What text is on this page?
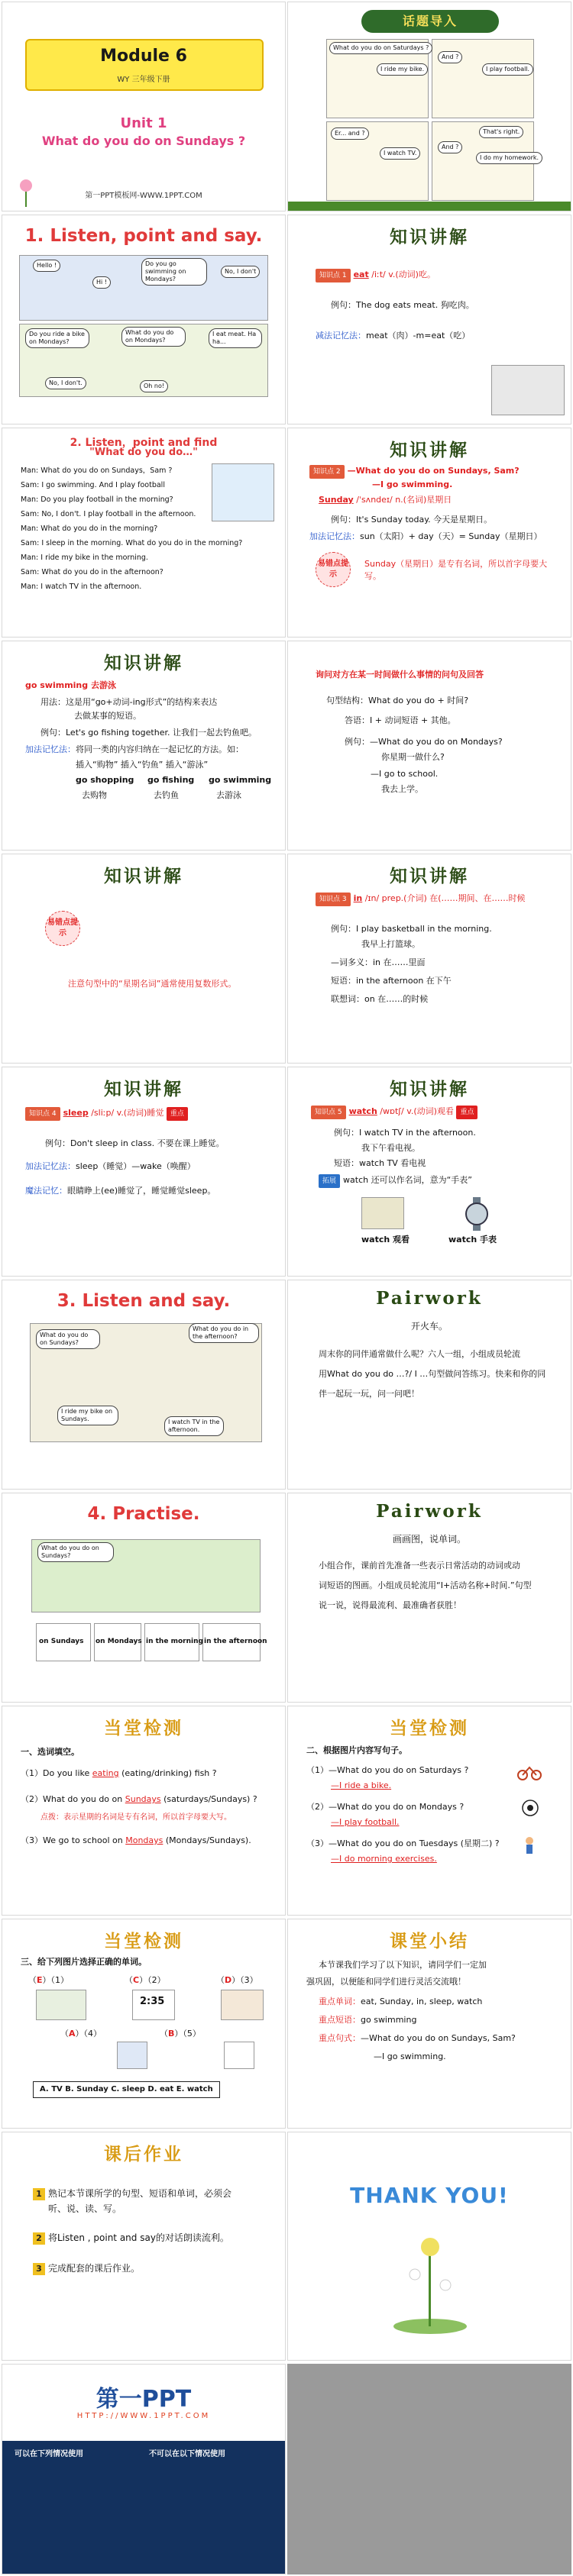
Module 6
WY 三年级下册
Unit 1
What do you do on Sundays ?
第一PPT模板网-WWW.1PPT.COM
话题导入
What do you do on Saturdays ?
I ride my bike.
And ?
I play football.
Er... and ?
I watch TV.
That's right.
And ?
I do my homework.
1. Listen, point and say.
Hello !
Hi !
Do you go swimming on Mondays?
No, I don't
Do you ride a bike on Mondays?
What do you do on Mondays?
I eat meat. Ha ha...
No, I don't.	Oh no!
知识讲解
知识点 1 eat /iːt/ v.(动词)吃。
例句：The dog eats meat. 狗吃肉。
减法记忆法：meat（肉）-m=eat（吃）
2. Listen，point and find
"What do you do…"
Man: What do you do on Sundays，Sam ?
Sam: I go swimming. And I play football
Man: Do you play football in the morning?
Sam: No, I don't. I play football in the afternoon.
Man: What do you do in the morning?
Sam: I sleep in the morning. What do you do in the morning?
Man: I ride my bike in the morning.
Sam: What do you do in the afternoon?
Man: I watch TV in the afternoon.
知识讲解
知识点 2 —What do you do on Sundays, Sam?
—I go swimming.
Sunday /ˈsʌndeɪ/ n.(名词)星期日
例句：It's Sunday today. 今天是星期日。
加法记忆法：sun（太阳）+ day（天）= Sunday（星期日）
易错点提示
Sunday（星期日）是专有名词，所以首字母要大写。
知识讲解
go swimming 去游泳
用法：这是用“go+动词-ing形式”的结构来表达
去做某事的短语。
例句：Let's go fishing together. 让我们一起去钓鱼吧。
加法记忆法：将同一类的内容归纳在一起记忆的方法。如：
插入“购物” 插入“钓鱼” 插入“游泳”
go shopping go fishing go swimming
去购物	去钓鱼	去游泳
询问对方在某一时间做什么事情的问句及回答
句型结构：What do you do + 时间?
答语：I + 动词短语 + 其他。
例句：—What do you do on Mondays?
你星期一做什么?
—I go to school.
我去上学。
知识讲解
易错点提示
注意句型中的“星期名词”通常使用复数形式。
知识讲解
知识点 3 in /ɪn/ prep.(介词) 在(……期间、在……时候
例句：I play basketball in the morning.
我早上打篮球。
—词多义：in 在……里面
短语：in the afternoon 在下午
联想词：on 在……的时候
知识讲解
知识点 4 sleep /sliːp/ v.(动词)睡觉 重点
例句：Don't sleep in class. 不要在课上睡觉。
加法记忆法：sleep（睡觉）—wake（唤醒）
魔法记忆：眼睛睁上(ee)睡觉了，睡觉睡觉sleep。
知识讲解
知识点 5 watch /wɒtʃ/ v.(动词)观看 重点
例句：I watch TV in the afternoon.
我下午看电视。
短语：watch TV 看电视
拓展 watch 还可以作名词，意为“手表”
watch 观看	watch 手表
3. Listen and say.
What do you do on Sundays?
What do you do in the afternoon?
I ride my bike on Sundays.	I watch TV in the afternoon.
Pairwork
开火车。
周末你的同伴通常做什么呢？六人一组，小组成员轮流
用What do you do …?/ I …句型做问答练习。快来和你的同
伴一起玩一玩，问一问吧！
4. Practise.
What do you do on Sundays?
on Sundays on Mondays in the morning in the afternoon
Pairwork
画画图，说单词。
小组合作，课前首先准备一些表示日常活动的动词或动
词短语的图画。小组成员轮流用“I+活动名称+时间.”句型
说一说，说得最流利、最准确者获胜！
当堂检测
一、选词填空。
（1）Do you like eating (eating/drinking) fish ?
（2）What do you do on Sundays (saturdays/Sundays) ?
点拨：表示星期的名词是专有名词，所以首字母要大写。
（3）We go to school on Mondays (Mondays/Sundays).
当堂检测
二、根据图片内容写句子。
（1）—What do you do on Saturdays ?
—I ride a bike.
（2）—What do you do on Mondays ?
—I play football.
（3）—What do you do on Tuesdays (星期二) ?
—I do morning exercises.
当堂检测
三、给下列图片选择正确的单词。
（E）（1）	（C）（2）	（D）（3）
2:35
（A）（4）	（B）（5）
A. TV B. Sunday C. sleep D. eat E. watch
课堂小结
本节课我们学习了以下知识，请同学们一定加
强巩固，以便能和同学们进行灵活交流哦！
重点单词：eat, Sunday, in, sleep, watch
重点短语：go swimming
重点句式：—What do you do on Sundays, Sam?
—I go swimming.
课后作业
1 熟记本节课所学的句型、短语和单词，必须会
听、说、读、写。
2 将Listen , point and say的对话朗读流利。
3 完成配套的课后作业。
THANK YOU!
第一PPT
HTTP://WWW.1PPT.COM
可以在下列情况使用	不可以在以下情况使用
